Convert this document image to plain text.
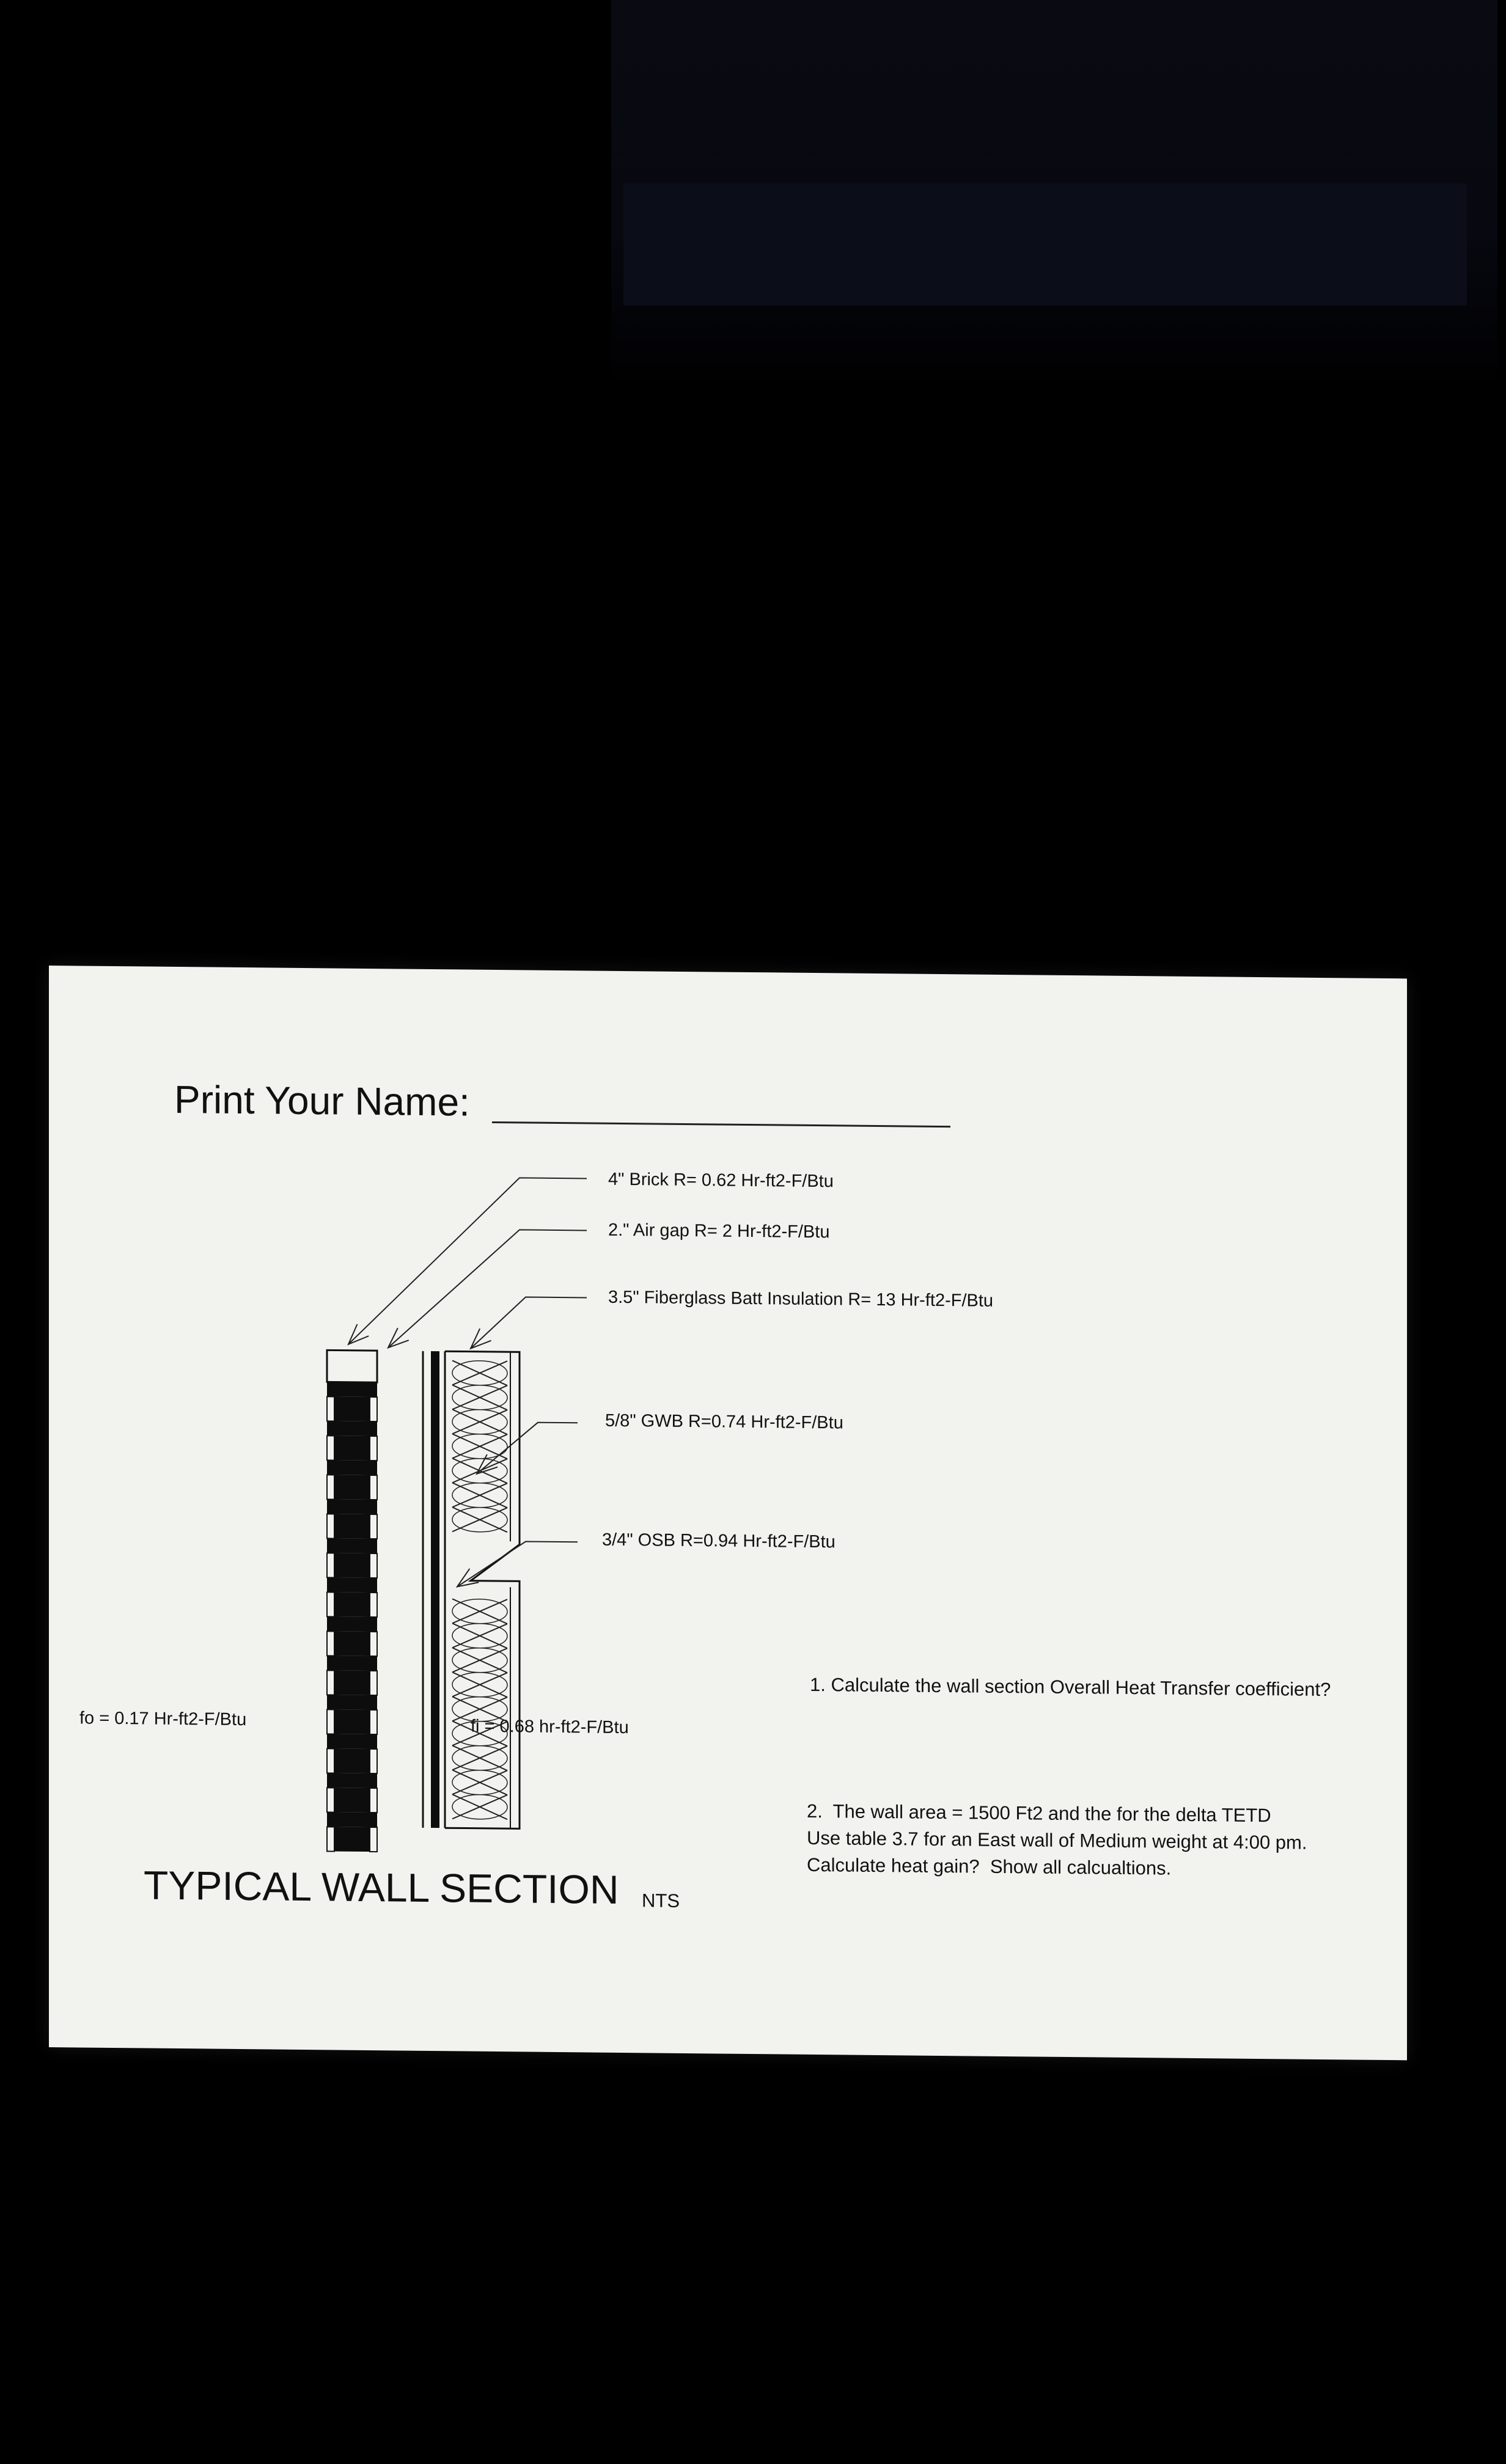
Print Your Name:
4" Brick R= 0.62 Hr-ft2-F/Btu
2." Air gap R= 2 Hr-ft2-F/Btu
3.5" Fiberglass Batt Insulation R= 13 Hr-ft2-F/Btu
5/8" GWB R=0.74 Hr-ft2-F/Btu
3/4" OSB R=0.94 Hr-ft2-F/Btu
fo = 0.17 Hr-ft2-F/Btu	fi = 0.68 hr-ft2-F/Btu
TYPICAL WALL SECTION NTS
1. Calculate the wall section Overall Heat Transfer coefficient?
2.  The wall area = 1500 Ft2 and the for the delta TETD
Use table 3.7 for an East wall of Medium weight at 4:00 pm.
Calculate heat gain?  Show all calcualtions.
